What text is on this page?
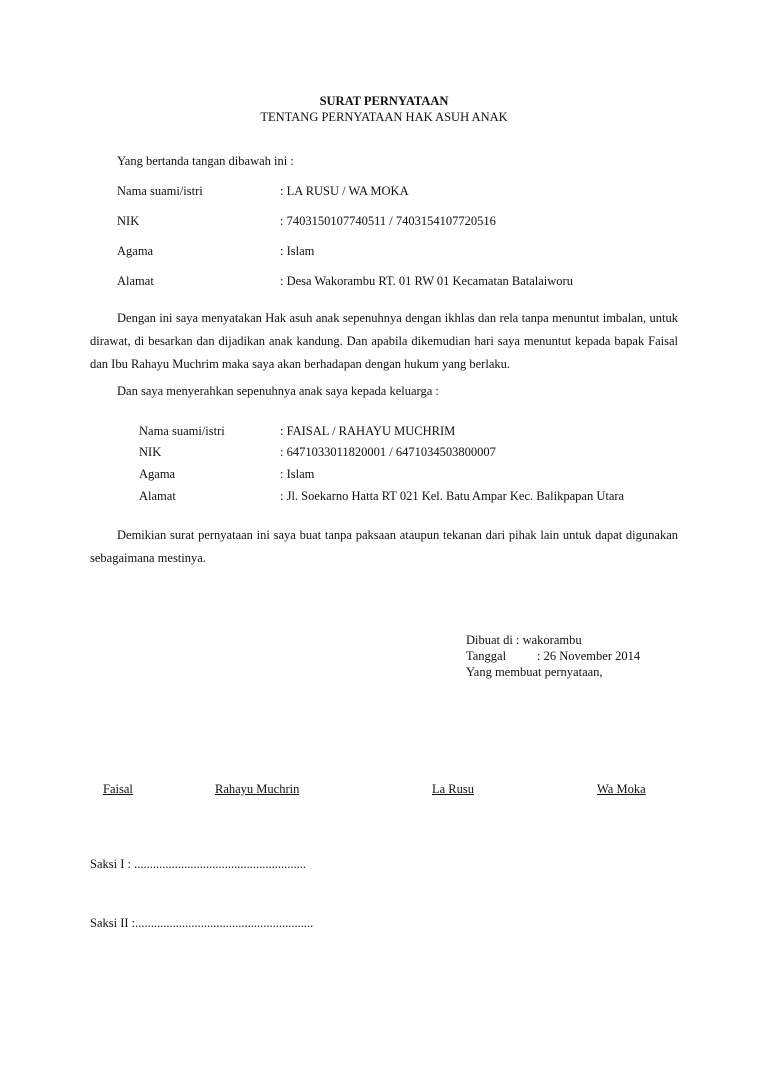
SURAT PERNYATAAN
TENTANG PERNYATAAN HAK ASUH ANAK
Yang bertanda tangan dibawah ini :
Nama suami/istri	: LA RUSU / WA MOKA
NIK	: 7403150107740511 / 7403154107720516
Agama	: Islam
Alamat	: Desa Wakorambu RT. 01 RW 01 Kecamatan Batalaiworu
Dengan ini saya menyatakan Hak asuh anak sepenuhnya dengan ikhlas dan rela tanpa menuntut imbalan, untuk dirawat, di besarkan dan dijadikan anak kandung. Dan apabila dikemudian hari saya menuntut kepada bapak Faisal dan Ibu Rahayu Muchrim maka saya akan berhadapan dengan hukum yang berlaku.
Dan saya menyerahkan sepenuhnya anak saya kepada keluarga :
Nama suami/istri	: FAISAL / RAHAYU MUCHRIM
NIK	: 6471033011820001 / 6471034503800007
Agama	: Islam
Alamat	: Jl. Soekarno Hatta RT 021 Kel. Batu Ampar Kec. Balikpapan Utara
Demikian surat pernyataan ini saya buat tanpa paksaan ataupun tekanan dari pihak lain untuk dapat digunakan sebagaimana mestinya.
Dibuat di : wakorambu
Tanggal : 26 November 2014
Yang membuat pernyataan,
Faisal	Rahayu Muchrin	La Rusu	Wa Moka
Saksi I : .......................................................
Saksi II :.........................................................
